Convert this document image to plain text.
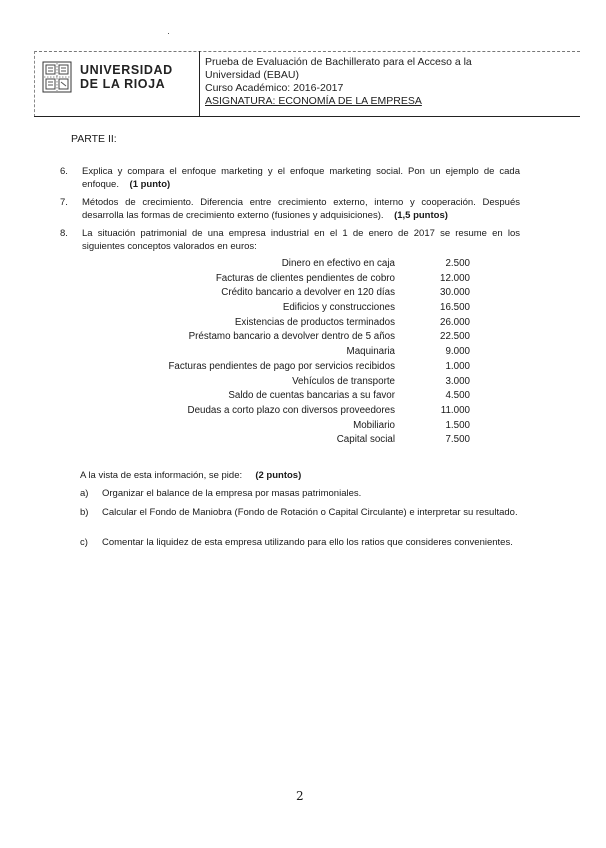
UNIVERSIDAD
DE LA RIOJA
Prueba de Evaluación de Bachillerato para el Acceso a la
Universidad (EBAU)
Curso Académico: 2016-2017
ASIGNATURA: ECONOMÍA DE LA EMPRESA
PARTE II:
6. Explica y compara el enfoque marketing y el enfoque marketing social. Pon un ejemplo de cada enfoque. (1 punto)
7. Métodos de crecimiento. Diferencia entre crecimiento externo, interno y cooperación. Después desarrolla las formas de crecimiento externo (fusiones y adquisiciones). (1,5 puntos)
8. La situación patrimonial de una empresa industrial en el 1 de enero de 2017 se resume en los siguientes conceptos valorados en euros:
Dinero en efectivo en caja	2.500
Facturas de clientes pendientes de cobro	12.000
Crédito bancario a devolver en 120 días	30.000
Edificios y construcciones	16.500
Existencias de productos terminados	26.000
Préstamo bancario a devolver dentro de 5 años	22.500
Maquinaria	9.000
Facturas pendientes de pago por servicios recibidos	1.000
Vehículos de transporte	3.000
Saldo de cuentas bancarias a su favor	4.500
Deudas a corto plazo con diversos proveedores	11.000
Mobiliario	1.500
Capital social	7.500
A la vista de esta información, se pide: (2 puntos)
a) Organizar el balance de la empresa por masas patrimoniales.
b) Calcular el Fondo de Maniobra (Fondo de Rotación o Capital Circulante) e interpretar su resultado.
c) Comentar la liquidez de esta empresa utilizando para ello los ratios que consideres convenientes.
2
